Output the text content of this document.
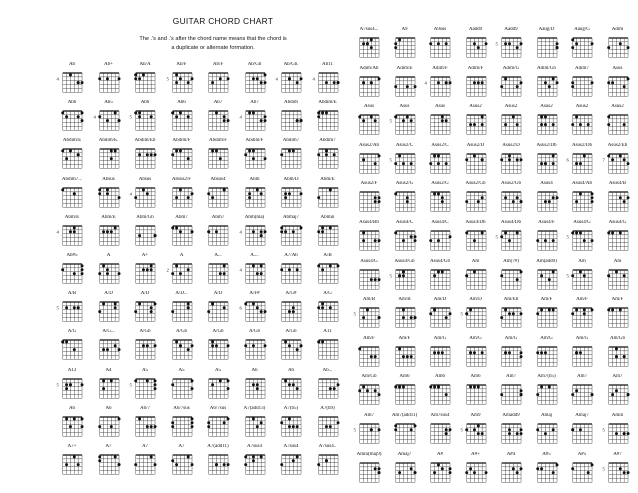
GUITAR CHORD CHART
The .'s and .'s after the chord name means that the chord is
a duplicate or alternate formation.
Ab
4
Ab+	Ab/A	Ab/F
5
Ab/F	Ab/Gb	Ab/Gb.
4
Ab11
4
Ab6	Ab5
4
Ab6
5
Ab6	Ab7	Ab7
4
Abdim	Abdim/E
Abdim/E	Abdim/E.	Abdim/Eb	Abdim/F	Abdim/F	Abdim/F	Abdim7	Abdim7
Abdim7...	Absus	Absus
4
Absus2/F	Absus4	Abm	Abm/D	Abm/E
Abm/E
4
Abm/E	Abm/Gb	Abm7	Abm7	Abm(ma)
4
Abmaj7	Abmin
Ab#5	A	A+	A
2
A...	A....
4
A7/Ab	A/B
A/B
5
A/D	A/D	A/D...	A/D	A/F#
6
A/G#	A/G
A/G	A/G...	A/Gb	A/Gb	A/Gb	A/Gb	A/Gb	A11
A13
5
A4	A5
5
A5	A5	A6	A6	A6...
A6	A6	A6/7	A6/7sus	A6/7sus	A7(add13)	A7(b5)	A7(b9)
A7+	A7	A7	A7	A7(add11)	A7sus4	A7sus4	A7sus4..
A7sus4...	A9	A9sus	Aadd9	Aadd9
5
Aaug/D	Aaug/G	Adim
Adim/Ab	Adim/E	Adim/F
4
Adim/F	Adim/G	Adim/Gb	Adim7	Asus
Asus	Asus
5
Asus	Asus2	Asus2	Asus2	Asus2	Asus2
Asus2/Ab	Asus2/C
5
Asus2/C	Asus2/D	Asus2/D	Asus2/Db	Asus2/Db
6
Asus2/Eb
7
Asus2/F	Asus2/G	Asus2/G	Asus2/Gb	Asus2/Gb	Asus4	Asus4/Ab	Asus4/B
Asus4/Bb	Asus4/C	Asus4/C	Asus4/Db	Asus4/Db
5
Asus4/F	Asus4/G
5
Asus4/G
Asus4/G	Asus4/Gb
5
Asus4/Gb	Am	Am(7#)	Am(add9)	Am
5
Am
Am/B
5
Am/B	Am/D	Am/D
5
Am/Eb	Am/F	Am/F	Am/F
Am/F	Am/F	Am/G	Am/G	Am/G	Am/G	Am/G	Am/Gb
Am/Gb	Am6	Am6	Am6	Am7	Am7(b5)	Am7	Am7
Am7
5
Am7(add11)	Am7sus4	Am9
5
Amadd9	Amaj	Amaj7	Amin
5
Amin(maj9)	Amaj7	A#	A#+	A#4	A#5	A#5	A#7
5
